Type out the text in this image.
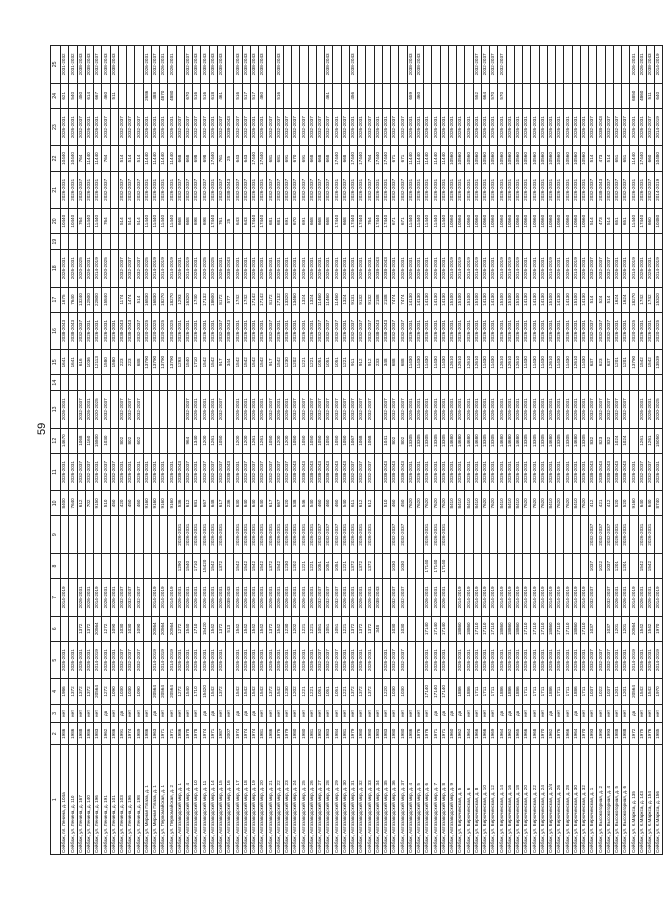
59
1	2	3	4	5	6	7	8	9	10	11	12	13	14	15	16	17	18	19	20	21	22	23	24	25
Сейбаж, пл. Ленина, д. 104а	1986	нет	1986	2026-2031		2014-2019			8400	2026-2031	14670	2026-2031		1641	2038-2043	1675	2026-2031		10440	2026-2031	10440	2026-2031	621	2031-2032
Сейбаж, ул. Ленина, д. 110	1986	нет	1372	2026-2031					7640	2026-2031				1641	2038-2043	7640	2026-2031		10440	2026-2031	10440	2026-2031	540	2031-2032
Сейбаж, ул. Ленина, д. 167	1988	нет	1372	2026-2031	1372	2026-2031			612	2032-2037	1068	2032-2037		616	2032-2037	13240	2020-2025		764	2032-2037	764	2032-2037	450	2038-2043
Сейбаж, ул. Ленина, д. 140	1986	нет	1372	2026-2031	1372	2026-2031			702	2032-2037	1160	2026-2031		1036	2026-2031	12500	2026-2031		11440	2026-2031	11440	2026-2031	614	2038-2043
Сейбаж, ул. Ленина, д. 196	1983	нет	20564	2014-2019	20564	2014-2019			9150	2026-2031	15800	2020-2025		12113	2026-2031	22800	2014-2019		11440	2026-2031	11440	2026-2031	667	2032-2037
Сейбаж, ул. Ленина, д. 191	1962	дв	1272	2026-2031	1272	2026-2031			510	2032-2037	1030	2032-2037		1580	2026-2031	15840	2020-2025		764	2032-2037	764	2032-2037	460	2038-2043
Сейбаж, ул. Ленина, д. 101	1986	нет	1090	2026-2031	1090	2026-2031			450	2032-2037				1580	2026-2031								511	2038-2043
Сейбаж, ул. Ленина, д. 103	1991	дв	1030	2032-2037	1030	2032-2037			420	2026-2031	802	2032-2037		223	2038-2043	1174	2032-2037		514	2032-2037	514	2032-2037		
Сейбаж, ул. Ленина, д. 196	1974	нет	1030	2032-2037	1030	2032-2037			450	2026-2031	802	2032-2037		223	2038-2043	1474	2032-2037		514	2032-2037	514	2032-2037		
Сейбаж, ул. Ленина, д. 198	1989	нет	1090	2032-2037	1090	2032-2037			460	2026-2031	602	2032-2037		688	2032-2037	514	2032-2037		514	2032-2037	514	2032-2037		
Сейбаж, ул. Мирная Плаза, д. 1	1986	нет							9160	2026-2031				13790	2020-2025	16830	2020-2025		11440	2026-2031	11440	2026-2031	2686	2026-2031
Сейбаж, ул. Мирная Плаза, д. 1	1963	дв	20564	2014-2019	20564	2014-2019			9160	2026-2031				13790	2020-2025	16830	2014-2019		11440	2026-2031	11440	2026-2031	488	2032-2037
Сейбаж, ул. Первомайская, д. 1	1971	нет	20564	2014-2019	20564	2014-2019			9160	2026-2031				13790	2020-2025	18270	2014-2019		11440	2026-2031	11440	2026-2031	4870	2026-2031
Сейбаж, ул. Первомайская, д. 2	1971	нет	20564	2014-2019	20564	2014-2019			9160	2026-2031				13790	2020-2025	18270	2014-2019		11440	2026-2031	11440	2026-2031	4880	2026-2031
Сейбаж, Автозаводский мкр, д. 1	1986	нет	1272	2026-2031	1272	2026-2031	1290	2026-2031	536	2038-2043				1293	2026-2031	1293	2026-2031		668	2032-2037	668	2032-2037		
Сейбаж, Автозаводский мкр, д. 4	1978	нет	1540	2026-2031	1540	2026-2031	1540	2026-2031	612	2032-2037	964	2032-2037		1540	2026-2031	16320	2014-2019		668	2032-2037	668	2032-2037	670	2032-2037
Сейбаж, Автозаводский мкр, д. 10	1978	нет	1710	2026-2031	1710	2026-2031	1710	2026-2031	681	2026-2031	1340	2026-2031		1710	2026-2031	1740	2026-2031		698	2032-2037	698	2032-2037	516	2038-2043
Сейбаж, Автозаводский мкр, д. 11	1974	дв	15420	2026-2031	15420	2026-2031	15420	2026-2031	667	2032-2037	1200	2026-2031		1542	2026-2031	17132	2020-2025		698	2032-2037	698	2032-2037	516	2038-2043
Сейбаж, Автозаводский мкр, д. 14	1971	дв	1542	2026-2031	1542	2026-2031	1542	2026-2031	648	2032-2037	1261	2026-2031		1542	2026-2031	18600	2020-2025		17440	2026-2031	17440	2026-2031	618	2038-2043
Сейбаж, Автозаводский мкр, д. 15	1987	нет	1372	2026-2031	1372	2026-2031	1372	2026-2031	617	2032-2037	1050	2032-2037		917	2032-2037	8172	2026-2031		761	2032-2037	761	2032-2037	461	2038-2043
Сейбаж, Автозаводский мкр, д. 16	2007	нет			513	2038-2043			236	2038-2043				344	2038-2043	577	2038-2043		25	2038-2043	25	2038-2043		
Сейбаж, Автозаводский мкр, д. 17	1974	дв	1542	2026-2031	1542	2026-2031	1542	2026-2031	630	2026-2031	1200	2026-2031		1542	2026-2031	1742	2026-2031		643	2032-2037	643	2032-2037	516	2038-2043
Сейбаж, Автозаводский мкр, д. 18	1974	дв	1542	2026-2031	1542	2026-2031	1542	2026-2031	640	2032-2037	1200	2026-2031		1542	2026-2031	1742	2026-2031		643	2032-2037	643	2032-2037	517	2038-2043
Сейбаж, Автозаводский мкр, д. 19	1974	дв	1542	2026-2031	1542	2026-2031	1542	2026-2031	640	2032-2037	1261	2026-2031		1542	2026-2031	17142	2026-2031		17440	2026-2031	17440	2026-2031	517	2038-2043
Сейбаж, Автозаводский мкр, д. 20	1981	нет	1542	2026-2031	1542	2026-2031	1542	2026-2031	640	2032-2037	1261	2026-2031		1542	2026-2031	17142	2026-2031		17440	2026-2031	17440	2026-2031	460	2038-2043
Сейбаж, Автозаводский мкр, д. 21	1986	нет	1372	2026-2031	1372	2026-2031	1372	2026-2031	617	2032-2037	1050	2032-2037		917	2032-2037	8172	2026-2031		681	2032-2037	681	2032-2037		
Сейбаж, Автозаводский мкр, д. 22	1976	нет	1542	2026-2031	1542	2026-2031	1542	2026-2031	667	2032-2037	1200	2026-2031		1542	2026-2031	17132	2026-2031		681	2032-2037	681	2032-2037	516	2038-2043
Сейбаж, Автозаводский мкр, д. 23	1979	нет	1230	2026-2031	1230	2026-2031	1230	2026-2031	620	2032-2037	1200	2026-2031		1230	2026-2031	13320	2026-2031		691	2032-2037	691	2032-2037		
Сейбаж, Автозаводский мкр, д. 24	1980	нет	1202	2026-2031	1202	2026-2031	1202	2026-2031	538	2038-2043	1050	2032-2037		1202	2026-2031	13460	2026-2031		670	2032-2037	670	2032-2037		
Сейбаж, Автозаводский мкр, д. 25	1980	нет	1221	2026-2031	1221	2026-2031	1221	2026-2031	546	2038-2043	1050	2032-2037		1221	2026-2031	1324	2026-2031		691	2032-2037	691	2032-2037		
Сейбаж, Автозаводский мкр, д. 26	1981	нет	1221	2026-2031	1221	2026-2031	1221	2026-2031	540	2038-2043	1050	2032-2037		1221	2026-2031	1324	2026-2031		668	2032-2037	668	2032-2037		
Сейбаж, Автозаводский мкр, д. 27	1982	нет	1051	2032-2037	1051	2032-2037	1051	2032-2037	460	2038-2043	1050	2032-2037		1051	2032-2037	11460	2026-2031		668	2032-2037	668	2032-2037		
Сейбаж, Автозаводский мкр, д. 28	1983	нет	1051	2032-2037	1051	2032-2037	1051	2032-2037	460	2038-2043	1050	2032-2037		1051	2032-2037	11460	2026-2031		668	2032-2037	668	2032-2037	461	2038-2043
Сейбаж, Автозаводский мкр, д. 29	1984	нет	1051	2032-2037	1051	2032-2037	1051	2032-2037	460	2038-2043	1050	2032-2037		1051	2032-2037	11460	2026-2031		17440	2026-2031	17440	2026-2031		
Сейбаж, Автозаводский мкр, д. 30	1981	нет	1221	2026-2031	1221	2026-2031	1221	2026-2031	540	2038-2043	1050	2032-2037		1221	2026-2031	1324	2026-2031		668	2032-2037	668	2032-2037		
Сейбаж, Автозаводский мкр, д. 31	1979	нет	1372	2026-2031	1372	2026-2031	1372	2026-2031	611	2032-2037	1067	2032-2037		911	2032-2037	9131	2026-2031		17440	2026-2031	17440	2026-2031	456	2038-2043
Сейбаж, Автозаводский мкр, д. 32	1980	нет	1372	2026-2031	1372	2026-2031	1372	2026-2031	612	2032-2037	1068	2032-2037		912	2032-2037	9132	2026-2031		17440	2026-2031	17440	2026-2031		
Сейбаж, Автозаводский мкр, д. 33	1980	нет	1372	2026-2031	1372	2026-2031	1372	2026-2031	612	2032-2037	1068	2032-2037		912	2032-2037	9132	2026-2031		764	2032-2037	764	2032-2037		
Сейбаж, Автозаводский мкр, д. 34	1983	нет			348	2038-2043								233	2038-2043	2188	2038-2043		17440	2026-2031	17440	2026-2031		
Сейбаж, Автозаводский мкр, д. 35	1983	нет	1220	2026-2031					510	2038-2043	1041	2032-2037		348	2038-2043	2188	2038-2043		17440	2026-2031	17440	2026-2031		
Сейбаж, Автозаводский мкр, д. 36	1980	нет	1030	2032-2037	1030	2032-2037	1030	2032-2037	460	2038-2043	802	2032-2037		688	2032-2037	7474	2026-2031		671	2032-2037	671	2032-2037		
Сейбаж, Автозаводский мкр, д. 37	1980	нет	1030	2032-2037	1030	2032-2037	1030	2032-2037	450	2038-2043	802	2032-2037		688	2032-2037	7474	2026-2031		671	2032-2037	671	2032-2037		
Сейбаж, Автозаводский мкр, д. 4	1986	нет							7620	2026-2031	13305	2026-2031		11430	2026-2031	14130	2026-2031		11440	2026-2031	11440	2026-2031	659	2038-2043
Сейбаж, Автозаводский мкр, д. 5	1976	нет							7620	2026-2031	13305	2026-2031		11430	2026-2031	14130	2026-2031		11440	2026-2031	11440	2026-2031	460	2038-2043
Сейбаж, Автозаводский мкр, д. 6	1976	нет	17140	2026-2031	17140	2026-2031	17140	2026-2031	7620	2026-2031	13305	2026-2031		11430	2026-2031	14130	2026-2031		11440	2026-2031	11440	2026-2031		
Сейбаж, Автозаводский мкр, д. 7	1971	дв	17140	2026-2031	17140	2026-2031	17140	2026-2031	7620	2026-2031	13305	2026-2031		11430	2026-2031	14130	2026-2031		11440	2026-2031	11440	2026-2031		
Сейбаж, Автозаводский мкр, д. 8	1971	дв	17140	2026-2031	17140	2026-2031	17140	2026-2031	7620	2026-2031	13305	2026-2031		11430	2026-2031	14130	2026-2031		11440	2026-2031	11440	2026-2031		
Сейбаж, Автозаводский мкр, д. 9	1960	дв							8410	2026-2031	14680	2026-2031		12610	2026-2031	15100	2014-2019		10560	2026-2031	10560	2026-2031		
Сейбаж, ул. Бирючинская, д. 5	1962	дв	1886	2026-2031	18860	2014-2019			8410	2026-2031	14680	2026-2031		12610	2026-2031	15100	2014-2019		10560	2026-2031	10560	2026-2031		
Сейбаж, ул. Бирючинская, д. 6	1964	нет	1886	2026-2031	18860	2014-2019			8410	2026-2031	14680	2026-2031		12610	2026-2031	15100	2014-2019		10560	2026-2031	10560	2026-2031		
Сейбаж, ул. Бирючинская, д. 8	1966	нет	1711	2026-2031	17110	2014-2019			8410	2026-2031	14680	2026-2031		12610	2026-2031	15100	2014-2019		10560	2026-2031	10560	2026-2031	552	2032-2037
Сейбаж, ул. Бирючинская, д. 10	1966	нет	1711	2026-2031	17110	2014-2019			7620	2026-2031	13305	2026-2031		11430	2026-2031	14130	2026-2031		10560	2026-2031	10560	2026-2031	664	2032-2037
Сейбаж, ул. Бирючинская, д. 12	1969	нет	1711	2026-2031	17110	2014-2019			7620	2026-2031	13305	2026-2031		11430	2026-2031	14130	2026-2031		10560	2026-2031	10560	2026-2031	570	2032-2037
Сейбаж, ул. Бирючинская, д. 14	1964	дв	1886	2026-2031	18860	2014-2019			8410	2026-2031	14680	2026-2031		12610	2026-2031	15100	2014-2019		10560	2026-2031	10560	2026-2031	570	2032-2037
Сейбаж, ул. Бирючинская, д. 16	1962	дв	1886	2026-2031	18860	2014-2019			8410	2026-2031	14680	2026-2031		12610	2026-2031	15100	2014-2019		10560	2026-2031	10560	2026-2031		
Сейбаж, ул. Бирючинская, д. 18	1965	дв	1886	2026-2031	18860	2014-2019			8410	2026-2031	14680	2026-2031		12610	2026-2031	15100	2014-2019		10560	2026-2031	10560	2026-2031		
Сейбаж, ул. Бирючинская, д. 20	1966	нет	1711	2026-2031	17110	2014-2019			7620	2026-2031	13305	2026-2031		11430	2026-2031	14130	2026-2031		10560	2026-2031	10560	2026-2031		
Сейбаж, ул. Бирючинская, д. 22	1968	нет	1711	2026-2031	17110	2014-2019			7620	2026-2031	13305	2026-2031		11430	2026-2031	14130	2026-2031		10560	2026-2031	10560	2026-2031		
Сейбаж, ул. Бирючинская, д. 24	1970	нет	1711	2026-2031	17110	2014-2019			7620	2026-2031	13305	2026-2031		11430	2026-2031	14130	2026-2031		10560	2026-2031	10560	2026-2031		
Сейбаж, ул. Бирючинская, д. 2/4	1962	дв	1886	2026-2031	18860	2014-2019			8410	2026-2031	14680	2026-2031		12610	2026-2031	15100	2014-2019		10560	2026-2031	10560	2026-2031		
Сейбаж, ул. Бирючинская, д. 26	1976	нет	1711	2026-2031	17110	2014-2019			7620	2026-2031	13305	2026-2031		11430	2026-2031	14130	2026-2031		10560	2026-2031	10560	2026-2031		
Сейбаж, ул. Бирючинская, д. 28	1966	нет	1711	2026-2031	17110	2014-2019			7620	2026-2031	13305	2026-2031		11430	2026-2031	14130	2026-2031		10560	2026-2031	10560	2026-2031		
Сейбаж, ул. Бирючинская, д. 30	1964	дв	1886	2026-2031	18860	2014-2019			8410	2026-2031	14680	2026-2031		12610	2026-2031	15100	2014-2019		10560	2026-2031	10560	2026-2031		
Сейбаж, ул. Бирючинская, д. 32	1970	нет	1711	2026-2031	17110	2014-2019			7620	2026-2031	13305	2026-2031		11430	2026-2031	14130	2026-2031		10560	2026-2031	10560	2026-2031		
Сейбаж, ул. Бирючинская, д. 1	1993	нет	1037	2032-2037	1037	2032-2037	1037	2032-2037	412	2038-2043	832	2032-2037		637	2032-2037	514	2032-2037		514	2032-2037	514	2032-2037		
Сейбаж, ул. Высокогорная, д. 2	1990	нет	1022	2032-2037			1022	2032-2037	421	2038-2043	823	2032-2037		623	2032-2037	524	2032-2037		473	2038-2043	473	2038-2043		
Сейбаж, ул. Высокогорная, д. 4	1993	нет	1037	2032-2037	1037	2032-2037	1037	2032-2037	412	2038-2043	832	2032-2037		637	2032-2037	514	2032-2037		514	2032-2037	514	2032-2037		
Сейбаж, ул. Высокогорная, д. 5	1988	нет	1201	2026-2031	1201	2026-2031	1201	2026-2031	520	2038-2043	1024	2032-2037		1201	2026-2031	1624	2026-2031		651	2032-2037	651	2032-2037		
Сейбаж, ул. Высокогорная, д. 6	1988	нет	1201	2026-2031	1201	2026-2031	1201	2026-2031	520	2038-2043	1024	2032-2037		1201	2026-2031	1624	2026-2031		651	2032-2037	651	2032-2037		
Сейбаж, ул. К.Маркса, д. 135	1972	дв	20564	2014-2019	20564	2014-2019			9160	2026-2031				13790	2020-2025	18270	2014-2019		11440	2026-2031	11440	2026-2031	6850	2026-2031
Сейбаж, ул. К.Маркса, д. 143	1975	нет	1542	2026-2031	1542	2026-2031	1542	2026-2031	640	2032-2037	1261	2026-2031		1542	2026-2031	1742	2026-2031		17440	2026-2031	17440	2026-2031	4860	2026-2031
Сейбаж, ул. К.Маркса, д. 154	1976	нет	1542	2026-2031	1542	2026-2031	1542	2026-2031	640	2032-2037	1261	2026-2031		1542	2026-2031	1742	2026-2031		660	2032-2037	660	2032-2037	511	2038-2043
Сейбаж, ул. К.Маркса, д. 156	1985	нет	1970	2014-2019	1970	2014-2019			8740	2026-2031	15050	2020-2025		13539	2020-2025	15320	2014-2019		10480	2014-2019	10480	2014-2019	640	2014-2019
